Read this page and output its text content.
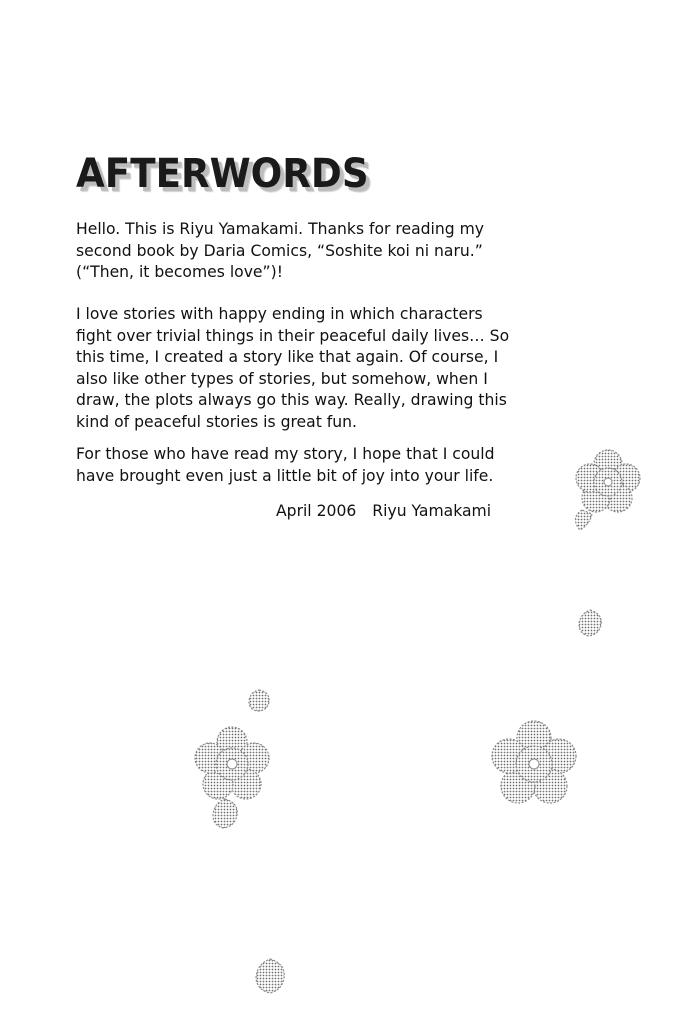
AFTERWORDS
Hello. This is Riyu Yamakami. Thanks for reading my
second book by Daria Comics, “Soshite koi ni naru.”
(“Then, it becomes love”)!
I love stories with happy ending in which characters
fight over trivial things in their peaceful daily lives… So
this time, I created a story like that again. Of course, I
also like other types of stories, but somehow, when I
draw, the plots always go this way. Really, drawing this
kind of peaceful stories is great fun.
For those who have read my story, I hope that I could
have brought even just a little bit of joy into your life.
April 2006 Riyu Yamakami
